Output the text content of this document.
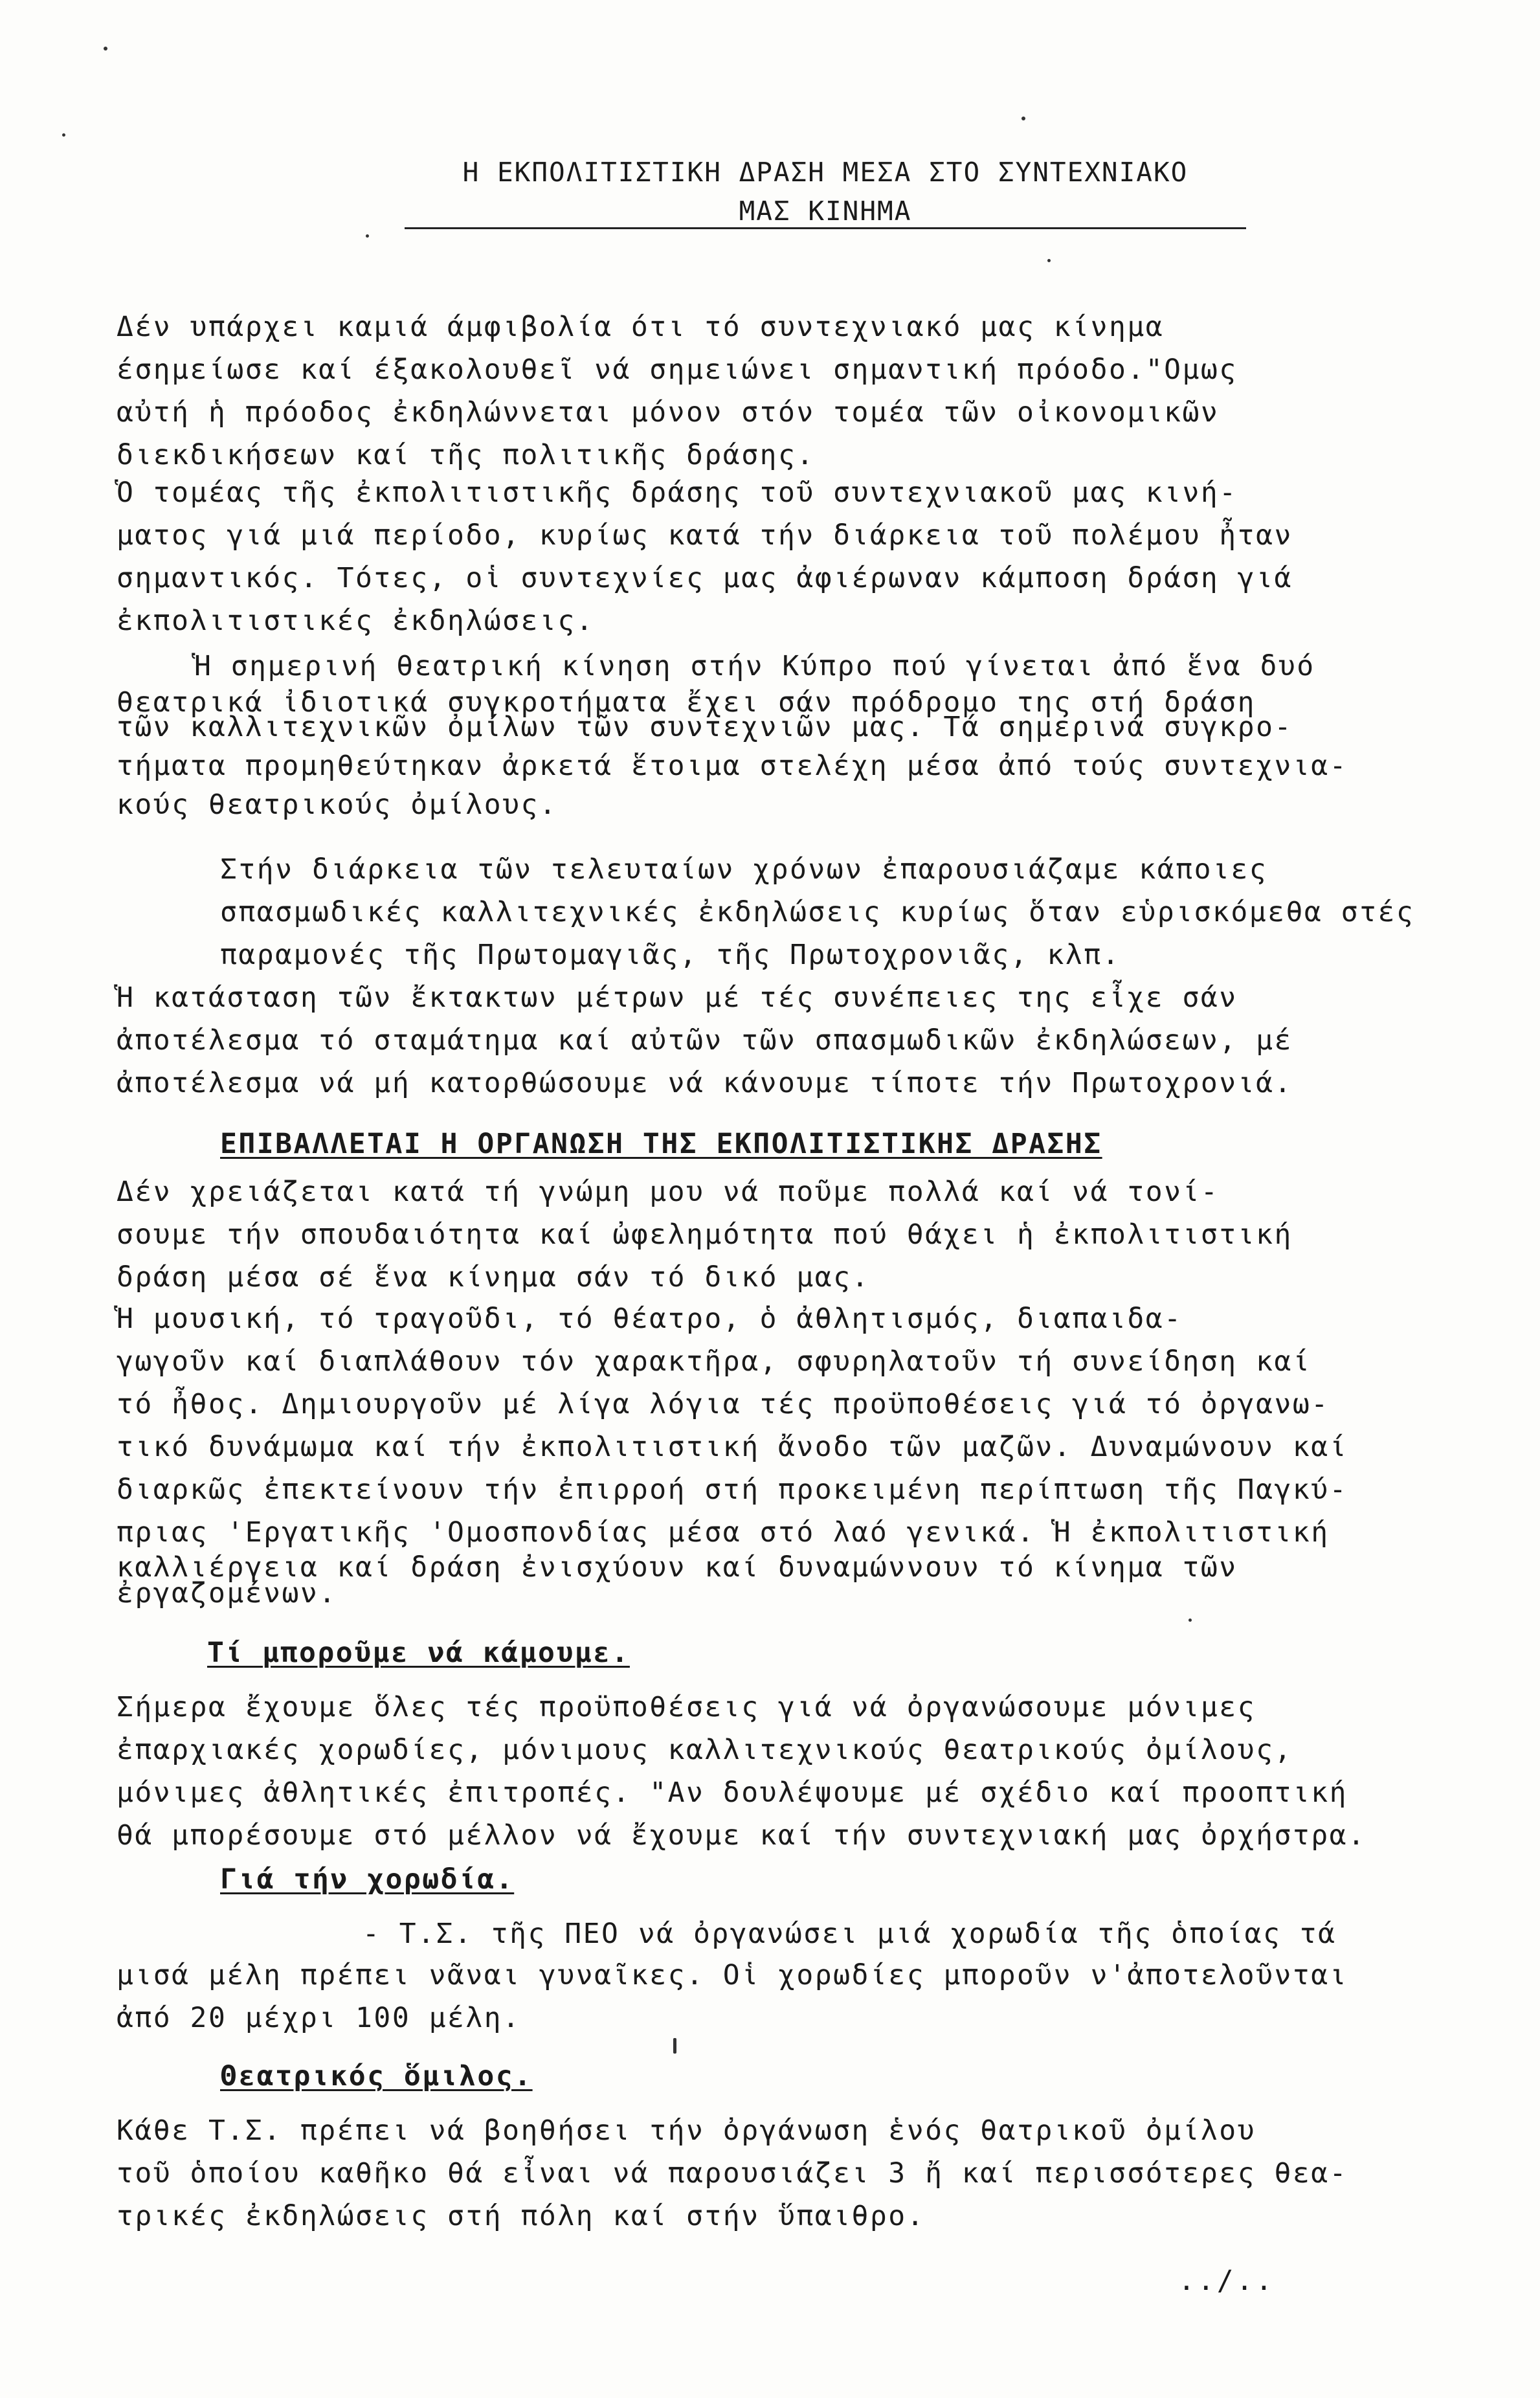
Η ΕΚΠΟΛΙΤΙΣΤΙΚΗ ΔΡΑΣΗ ΜΕΣΑ ΣΤΟ ΣΥΝΤΕΧΝΙΑΚΟ
ΜΑΣ ΚΙΝΗΜΑ

Δέν υπάρχει καμιά άμφιβολία ότι τό συντεχνιακό μας κίνημα
έσημείωσε καί έξακολουθεῖ νά σημειώνει σημαντική πρόοδο."Ομως
αὐτή ἡ πρόοδος ἐκδηλώννεται μόνον στόν τομέα τῶν οἰκονομικῶν
διεκδικήσεων καί τῆς πολιτικῆς δράσης.

Ὁ τομέας τῆς ἐκπολιτιστικῆς δράσης τοῦ συντεχνιακοῦ μας κινή-
ματος γιά μιά περίοδο, κυρίως κατά τήν διάρκεια τοῦ πολέμου ἦταν
σημαντικός. Τότες, οἱ συντεχνίες μας ἀφιέρωναν κάμποση δράση γιά
ἐκπολιτιστικές ἐκδηλώσεις.

Ἡ σημερινή θεατρική κίνηση στήν Κύπρο πού γίνεται ἀπό ἕνα δυό

θεατρικά ἰδιοτικά συγκροτήματα ἔχει σάν πρόδρομο της στή δράση

τῶν καλλιτεχνικῶν ὀμίλων τῶν συντεχνιῶν μας. Τά σημερινά συγκρο-

τήματα προμηθεύτηκαν ἀρκετά ἕτοιμα στελέχη μέσα ἀπό τούς συντεχνια-

κούς θεατρικούς ὀμίλους.

Στήν διάρκεια τῶν τελευταίων χρόνων ἐπαρουσιάζαμε κάποιες
σπασμωδικές καλλιτεχνικές ἐκδηλώσεις κυρίως ὅταν εὑρισκόμεθα στές
παραμονές τῆς Πρωτομαγιᾶς, τῆς Πρωτοχρονιᾶς, κλπ.

Ἡ κατάσταση τῶν ἔκτακτων μέτρων μέ τές συνέπειες της εἶχε σάν
ἀποτέλεσμα τό σταμάτημα καί αὐτῶν τῶν σπασμωδικῶν ἐκδηλώσεων, μέ
ἀποτέλεσμα νά μή κατορθώσουμε νά κάνουμε τίποτε τήν Πρωτοχρονιά.

ΕΠΙΒΑΛΛΕΤΑΙ Η ΟΡΓΑΝΩΣΗ ΤΗΣ ΕΚΠΟΛΙΤΙΣΤΙΚΗΣ ΔΡΑΣΗΣ

Δέν χρειάζεται κατά τή γνώμη μου νά ποῦμε πολλά καί νά τονί-
σουμε τήν σπουδαιότητα καί ὠφελημότητα πού θάχει ἡ ἐκπολιτιστική
δράση μέσα σέ ἕνα κίνημα σάν τό δικό μας.

Ἡ μουσική, τό τραγοῦδι, τό θέατρο, ὁ ἀθλητισμός, διαπαιδα-
γωγοῦν καί διαπλάθουν τόν χαρακτῆρα, σφυρηλατοῦν τή συνείδηση καί
τό ἦθος. Δημιουργοῦν μέ λίγα λόγια τές προϋποθέσεις γιά τό ὀργανω-
τικό δυνάμωμα καί τήν ἐκπολιτιστική ἄνοδο τῶν μαζῶν. Δυναμώνουν καί
διαρκῶς ἐπεκτείνουν τήν ἐπιρροή στή προκειμένη περίπτωση τῆς Παγκύ-
πριας 'Εργατικῆς 'Ομοσπονδίας μέσα στό λαό γενικά. Ἡ ἐκπολιτιστική

καλλιέργεια καί δράση ἐνισχύουν καί δυναμώννουν τό κίνημα τῶν

ἐργαζομένων.

Τί μποροῦμε νά κάμουμε.

Σήμερα ἔχουμε ὅλες τές προϋποθέσεις γιά νά ὀργανώσουμε μόνιμες
ἐπαρχιακές χορωδίες, μόνιμους καλλιτεχνικούς θεατρικούς ὀμίλους,
μόνιμες ἀθλητικές ἐπιτροπές. "Αν δουλέψουμε μέ σχέδιο καί προοπτική
θά μπορέσουμε στό μέλλον νά ἔχουμε καί τήν συντεχνιακή μας ὀρχήστρα.

Γιά τήν χορωδία.

- Τ.Σ. τῆς ΠΕΟ νά ὀργανώσει μιά χορωδία τῆς ὁποίας τά

μισά μέλη πρέπει νᾶναι γυναῖκες. Οἱ χορωδίες μποροῦν ν'ἀποτελοῦνται
ἀπό 20 μέχρι 100 μέλη.

Θεατρικός ὅμιλος.

Κάθε Τ.Σ. πρέπει νά βοηθήσει τήν ὀργάνωση ἑνός θατρικοῦ ὀμίλου
τοῦ ὁποίου καθῆκο θά εἶναι νά παρουσιάζει 3 ἤ καί περισσότερες θεα-
τρικές ἐκδηλώσεις στή πόλη καί στήν ὕπαιθρο.

../..
